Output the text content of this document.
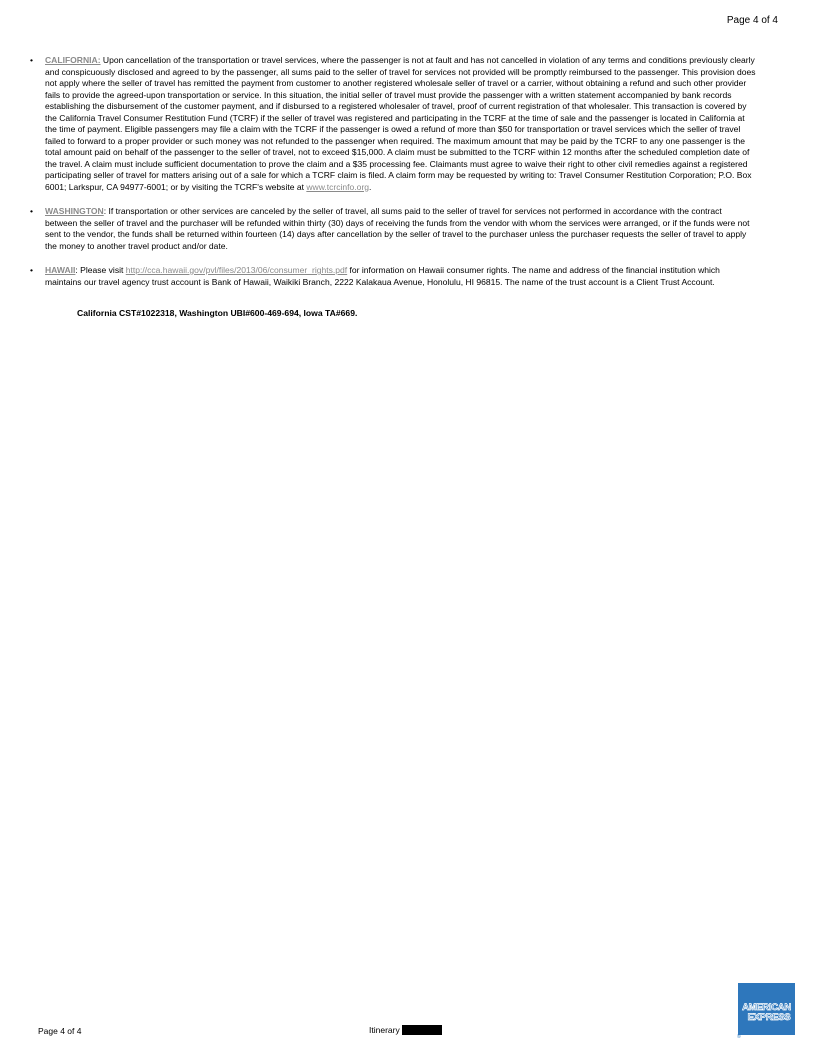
Page 4 of 4
•	CALIFORNIA: Upon cancellation of the transportation or travel services, where the passenger is not at fault and has not cancelled in violation of any terms and conditions previously clearly and conspicuously disclosed and agreed to by the passenger, all sums paid to the seller of travel for services not provided will be promptly reimbursed to the passenger. This provision does not apply where the seller of travel has remitted the payment from customer to another registered wholesale seller of travel or a carrier, without obtaining a refund and such other provider fails to provide the agreed-upon transportation or service. In this situation, the initial seller of travel must provide the passenger with a written statement accompanied by bank records establishing the disbursement of the customer payment, and if disbursed to a registered wholesaler of travel, proof of current registration of that wholesaler. This transaction is covered by the California Travel Consumer Restitution Fund (TCRF) if the seller of travel was registered and participating in the TCRF at the time of sale and the passenger is located in California at the time of payment. Eligible passengers may file a claim with the TCRF if the passenger is owed a refund of more than $50 for transportation or travel services which the seller of travel failed to forward to a proper provider or such money was not refunded to the passenger when required. The maximum amount that may be paid by the TCRF to any one passenger is the total amount paid on behalf of the passenger to the seller of travel, not to exceed $15,000. A claim must be submitted to the TCRF within 12 months after the scheduled completion date of the travel. A claim must include sufficient documentation to prove the claim and a $35 processing fee. Claimants must agree to waive their right to other civil remedies against a registered participating seller of travel for matters arising out of a sale for which a TCRF claim is filed. A claim form may be requested by writing to: Travel Consumer Restitution Corporation; P.O. Box 6001; Larkspur, CA 94977-6001; or by visiting the TCRF's website at www.tcrcinfo.org.
•	WASHINGTON: If transportation or other services are canceled by the seller of travel, all sums paid to the seller of travel for services not performed in accordance with the contract between the seller of travel and the purchaser will be refunded within thirty (30) days of receiving the funds from the vendor with whom the services were arranged, or if the funds were not sent to the vendor, the funds shall be returned within fourteen (14) days after cancellation by the seller of travel to the purchaser unless the purchaser requests the seller of travel to apply the money to another travel product and/or date.
•	HAWAII: Please visit http://cca.hawaii.gov/pvl/files/2013/06/consumer_rights.pdf for information on Hawaii consumer rights. The name and address of the financial institution which maintains our travel agency trust account is Bank of Hawaii, Waikiki Branch, 2222 Kalakaua Avenue, Honolulu, HI 96815. The name of the trust account is a Client Trust Account.
California CST#1022318, Washington UBI#600-469-694, Iowa TA#669.
Page 4 of 4	Itinerary
AMERICAN
EXPRESS
®
